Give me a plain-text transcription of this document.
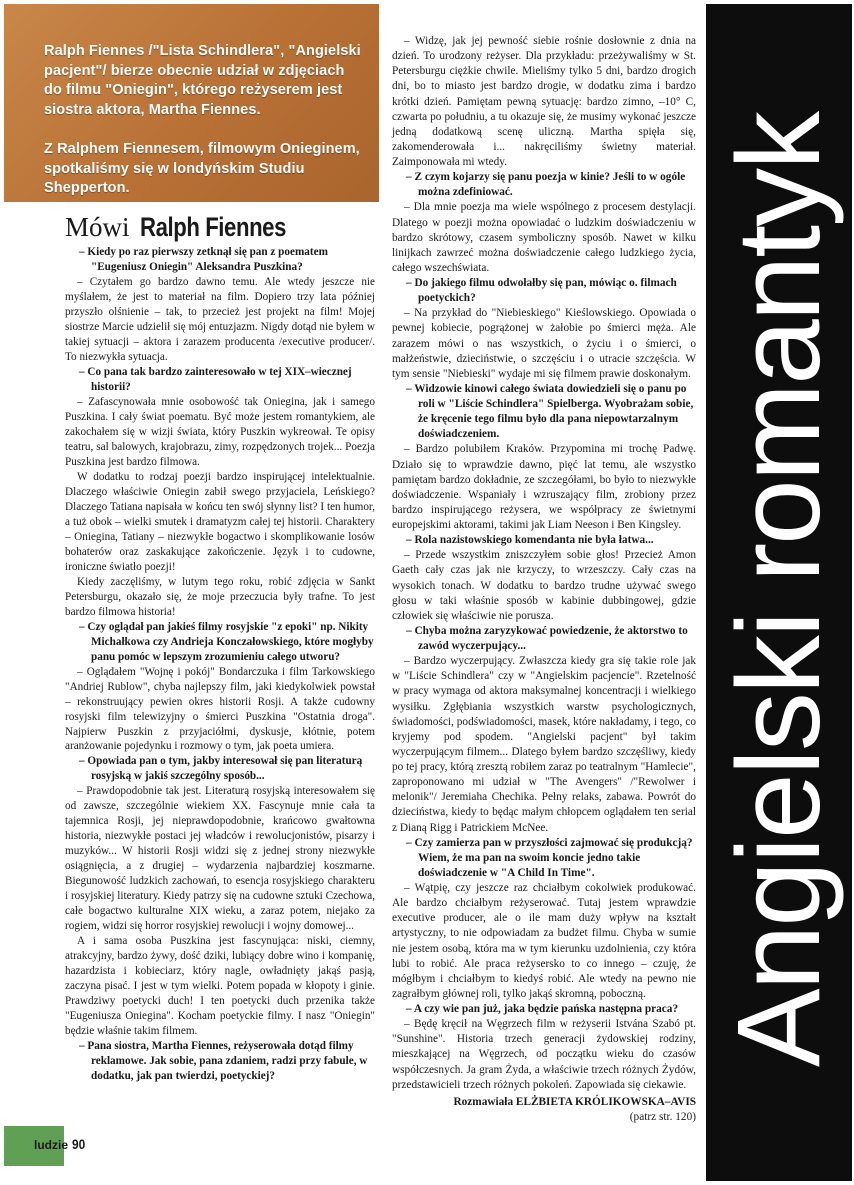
Ralph Fiennes /"Lista Schindlera", "Angielski pacjent"/ bierze obecnie udział w zdjęciach do filmu "Oniegin", którego reżyserem jest siostra aktora, Martha Fiennes.

Z Ralphem Fiennesem, filmowym Onieginem, spotkaliśmy się w londyńskim Studiu Shepperton.

Mówi Ralph Fiennes

– Kiedy po raz pierwszy zetknął się pan z poematem "Eugeniusz Oniegin" Aleksandra Puszkina?

– Czytałem go bardzo dawno temu. Ale wtedy jeszcze nie myślałem, że jest to materiał na film. Dopiero trzy lata później przyszło olśnienie – tak, to przecież jest projekt na film! Mojej siostrze Marcie udzielił się mój entuzjazm. Nigdy dotąd nie byłem w takiej sytuacji – aktora i zarazem producenta /executive producer/. To niezwykła sytuacja.

– Co pana tak bardzo zainteresowało w tej XIX–wiecznej historii?

– Zafascynowała mnie osobowość tak Oniegina, jak i samego Puszkina. I cały świat poematu. Być może jestem romantykiem, ale zakochałem się w wizji świata, który Puszkin wykreował. Te opisy teatru, sal balowych, krajobrazu, zimy, rozpędzonych trojek... Poezja Puszkina jest bardzo filmowa.

W dodatku to rodzaj poezji bardzo inspirującej intelektualnie. Dlaczego właściwie Oniegin zabił swego przyjaciela, Leńskiego? Dlaczego Tatiana napisała w końcu ten swój słynny list? I ten humor, a tuż obok – wielki smutek i dramatyzm całej tej historii. Charaktery – Oniegina, Tatiany – niezwykłe bogactwo i skomplikowanie losów bohaterów oraz zaskakujące zakończenie. Język i to cudowne, ironiczne światło poezji!

Kiedy zaczęliśmy, w lutym tego roku, robić zdjęcia w Sankt Petersburgu, okazało się, że moje przeczucia były trafne. To jest bardzo filmowa historia!

– Czy oglądał pan jakieś filmy rosyjskie "z epoki" np. Nikity Michałkowa czy Andrieja Konczałowskiego, które mogłyby panu pomóc w lepszym zrozumieniu całego utworu?

– Oglądałem "Wojnę i pokój" Bondarczuka i film Tarkowskiego "Andriej Rublow", chyba najlepszy film, jaki kiedykolwiek powstał – rekonstruujący pewien okres historii Rosji. A także cudowny rosyjski film telewizyjny o śmierci Puszkina "Ostatnia droga". Najpierw Puszkin z przyjaciółmi, dyskusje, kłótnie, potem aranżowanie pojedynku i rozmowy o tym, jak poeta umiera.

– Opowiada pan o tym, jakby interesował się pan literaturą rosyjską w jakiś szczególny sposób...

– Prawdopodobnie tak jest. Literaturą rosyjską interesowałem się od zawsze, szczególnie wiekiem XX. Fascynuje mnie cała ta tajemnica Rosji, jej nieprawdopodobnie, krańcowo gwałtowna historia, niezwykłe postaci jej władców i rewolucjonistów, pisarzy i muzyków... W historii Rosji widzi się z jednej strony niezwykłe osiągnięcia, a z drugiej – wydarzenia najbardziej koszmarne. Biegunowość ludzkich zachowań, to esencja rosyjskiego charakteru i rosyjskiej literatury. Kiedy patrzy się na cudowne sztuki Czechowa, całe bogactwo kulturalne XIX wieku, a zaraz potem, niejako za rogiem, widzi się horror rosyjskiej rewolucji i wojny domowej...

A i sama osoba Puszkina jest fascynująca: niski, ciemny, atrakcyjny, bardzo żywy, dość dziki, lubiący dobre wino i kompanię, hazardzista i kobieciarz, który nagle, owładnięty jakąś pasją, zaczyna pisać. I jest w tym wielki. Potem popada w kłopoty i ginie. Prawdziwy poetycki duch! I ten poetycki duch przenika także "Eugeniusza Oniegina". Kocham poetyckie filmy. I nasz "Oniegin" będzie właśnie takim filmem.

– Pana siostra, Martha Fiennes, reżyserowała dotąd filmy reklamowe. Jak sobie, pana zdaniem, radzi przy fabule, w dodatku, jak pan twierdzi, poetyckiej?

– Widzę, jak jej pewność siebie rośnie dosłownie z dnia na dzień. To urodzony reżyser. Dla przykładu: przeżywaliśmy w St. Petersburgu ciężkie chwile. Mieliśmy tylko 5 dni, bardzo drogich dni, bo to miasto jest bardzo drogie, w dodatku zima i bardzo krótki dzień. Pamiętam pewną sytuację: bardzo zimno, –10° C, czwarta po południu, a tu okazuje się, że musimy wykonać jeszcze jedną dodatkową scenę uliczną. Martha spięła się, zakomenderowała i... nakręciliśmy świetny materiał. Zaimponowała mi wtedy.

– Z czym kojarzy się panu poezja w kinie? Jeśli to w ogóle można zdefiniować.

– Dla mnie poezja ma wiele wspólnego z procesem destylacji. Dlatego w poezji można opowiadać o ludzkim doświadczeniu w bardzo skrótowy, czasem symboliczny sposób. Nawet w kilku linijkach zawrzeć można doświadczenie całego ludzkiego życia, całego wszechświata.

– Do jakiego filmu odwołałby się pan, mówiąc o. filmach poetyckich?

– Na przykład do "Niebieskiego" Kieślowskiego. Opowiada o pewnej kobiecie, pogrążonej w żałobie po śmierci męża. Ale zarazem mówi o nas wszystkich, o życiu i o śmierci, o małżeństwie, dzieciństwie, o szczęściu i o utracie szczęścia. W tym sensie "Niebieski" wydaje mi się filmem prawie doskonałym.

– Widzowie kinowi całego świata dowiedzieli się o panu po roli w "Liście Schindlera" Spielberga. Wyobrażam sobie, że kręcenie tego filmu było dla pana niepowtarzalnym doświadczeniem.

– Bardzo polubiłem Kraków. Przypomina mi trochę Padwę. Działo się to wprawdzie dawno, pięć lat temu, ale wszystko pamiętam bardzo dokładnie, ze szczegółami, bo było to niezwykłe doświadczenie. Wspaniały i wzruszający film, zrobiony przez bardzo inspirującego reżysera, we współpracy ze świetnymi europejskimi aktorami, takimi jak Liam Neeson i Ben Kingsley.

– Rola nazistowskiego komendanta nie była łatwa...

– Przede wszystkim zniszczyłem sobie głos! Przecież Amon Gaeth cały czas jak nie krzyczy, to wrzeszczy. Cały czas na wysokich tonach. W dodatku to bardzo trudne używać swego głosu w taki właśnie sposób w kabinie dubbingowej, gdzie człowiek się właściwie nie porusza.

– Chyba można zaryzykować powiedzenie, że aktorstwo to zawód wyczerpujący...

– Bardzo wyczerpujący. Zwłaszcza kiedy gra się takie role jak w "Liście Schindlera" czy w "Angielskim pacjencie". Rzetelność w pracy wymaga od aktora maksymalnej koncentracji i wielkiego wysiłku. Zgłębiania wszystkich warstw psychologicznych, świadomości, podświadomości, masek, które nakładamy, i tego, co kryjemy pod spodem. "Angielski pacjent" był takim wyczerpującym filmem... Dlatego byłem bardzo szczęśliwy, kiedy po tej pracy, którą zresztą robiłem zaraz po teatralnym "Hamlecie", zaproponowano mi udział w "The Avengers" /"Rewolwer i melonik"/ Jeremiaha Chechika. Pełny relaks, zabawa. Powrót do dzieciństwa, kiedy to będąc małym chłopcem oglądałem ten serial z Dianą Rigg i Patrickiem McNee.

– Czy zamierza pan w przyszłości zajmować się produkcją? Wiem, że ma pan na swoim koncie jedno takie doświadczenie w "A Child In Time".

– Wątpię, czy jeszcze raz chciałbym cokolwiek produkować. Ale bardzo chciałbym reżyserować. Tutaj jestem wprawdzie executive producer, ale o ile mam duży wpływ na kształt artystyczny, to nie odpowiadam za budżet filmu. Chyba w sumie nie jestem osobą, która ma w tym kierunku uzdolnienia, czy która lubi to robić. Ale praca reżysersko to co innego – czuję, że mógłbym i chciałbym to kiedyś robić. Ale wtedy na pewno nie zagrałbym głównej roli, tylko jakąś skromną, poboczną.

– A czy wie pan już, jaka będzie pańska następna praca?

– Będę kręcił na Węgrzech film w reżyserii Istvána Szabó pt. "Sunshine". Historia trzech generacji żydowskiej rodziny, mieszkającej na Węgrzech, od początku wieku do czasów współczesnych. Ja gram Żyda, a właściwie trzech różnych Żydów, przedstawicieli trzech różnych pokoleń. Zapowiada się ciekawie.

Rozmawiała ELŻBIETA KRÓLIKOWSKA–AVIS

(patrz str. 120)

Angielski romantyk
ludzie 90
